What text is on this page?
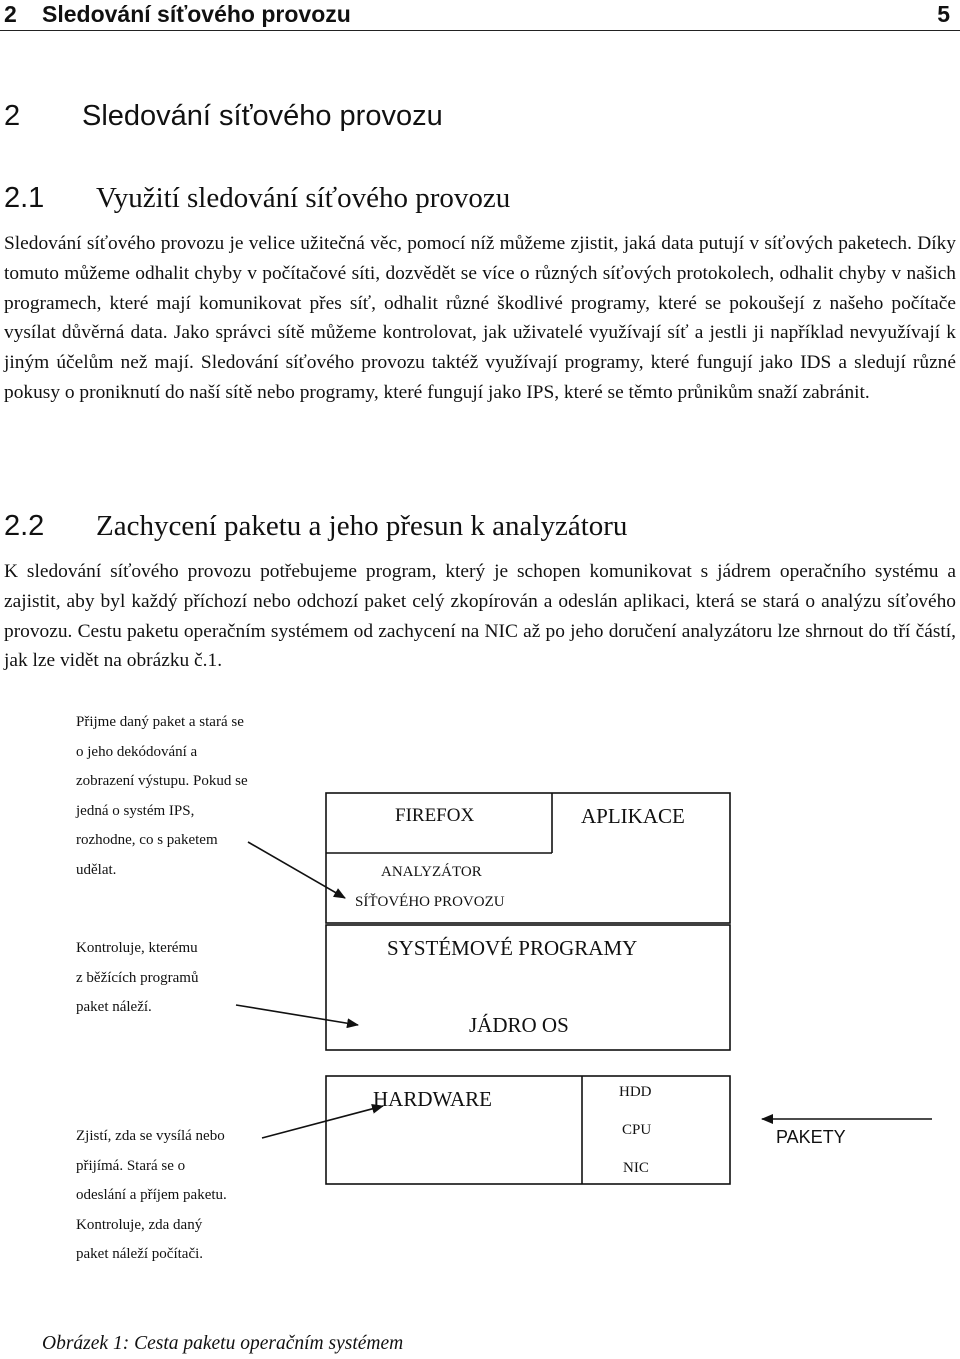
2 Sledování síťového provozu	5
2 Sledování síťového provozu
2.1 Využití sledování síťového provozu

Sledování síťového provozu je velice užitečná věc, pomocí níž můžeme zjistit, jaká data putují v síťových paketech. Díky tomuto můžeme odhalit chyby v počítačové síti, dozvědět se více o různých síťových protokolech, odhalit chyby v našich programech, které mají komunikovat přes síť, odhalit různé škodlivé programy, které se pokoušejí z našeho počítače vysílat důvěrná data. Jako správci sítě můžeme kontrolovat, jak uživatelé využívají síť a jestli ji například nevyužívají k jiným účelům než mají. Sledování síťového provozu taktéž využívají programy, které fungují jako IDS a sledují různé pokusy o proniknutí do naší sítě nebo programy, které fungují jako IPS, které se těmto průnikům snaží zabránit.

2.2 Zachycení paketu a jeho přesun k analyzátoru

K sledování síťového provozu potřebujeme program, který je schopen komunikovat s jádrem operačního systému a zajistit, aby byl každý příchozí nebo odchozí paket celý zkopírován a odeslán aplikaci, která se stará o analýzu síťového provozu. Cestu paketu operačním systémem od zachycení na NIC až po jeho doručení analyzátoru lze shrnout do tří částí, jak lze vidět na obrázku č.1.

Přijme daný paket a stará se
o jeho dekódování a
zobrazení výstupu. Pokud se
jedná o systém IPS,
rozhodne, co s paketem
udělat.

Kontroluje, kterému
z běžících programů
paket náleží.

Zjistí, zda se vysílá nebo
přijímá. Stará se o
odeslání a příjem paketu.
Kontroluje, zda daný
paket náleží počítači.

FIREFOX	APLIKACE
ANALYZÁTOR
SÍŤOVÉHO PROVOZU
SYSTÉMOVÉ PROGRAMY
JÁDRO OS
HARDWARE	HDD
CPU
NIC
PAKETY
Obrázek 1: Cesta paketu operačním systémem
